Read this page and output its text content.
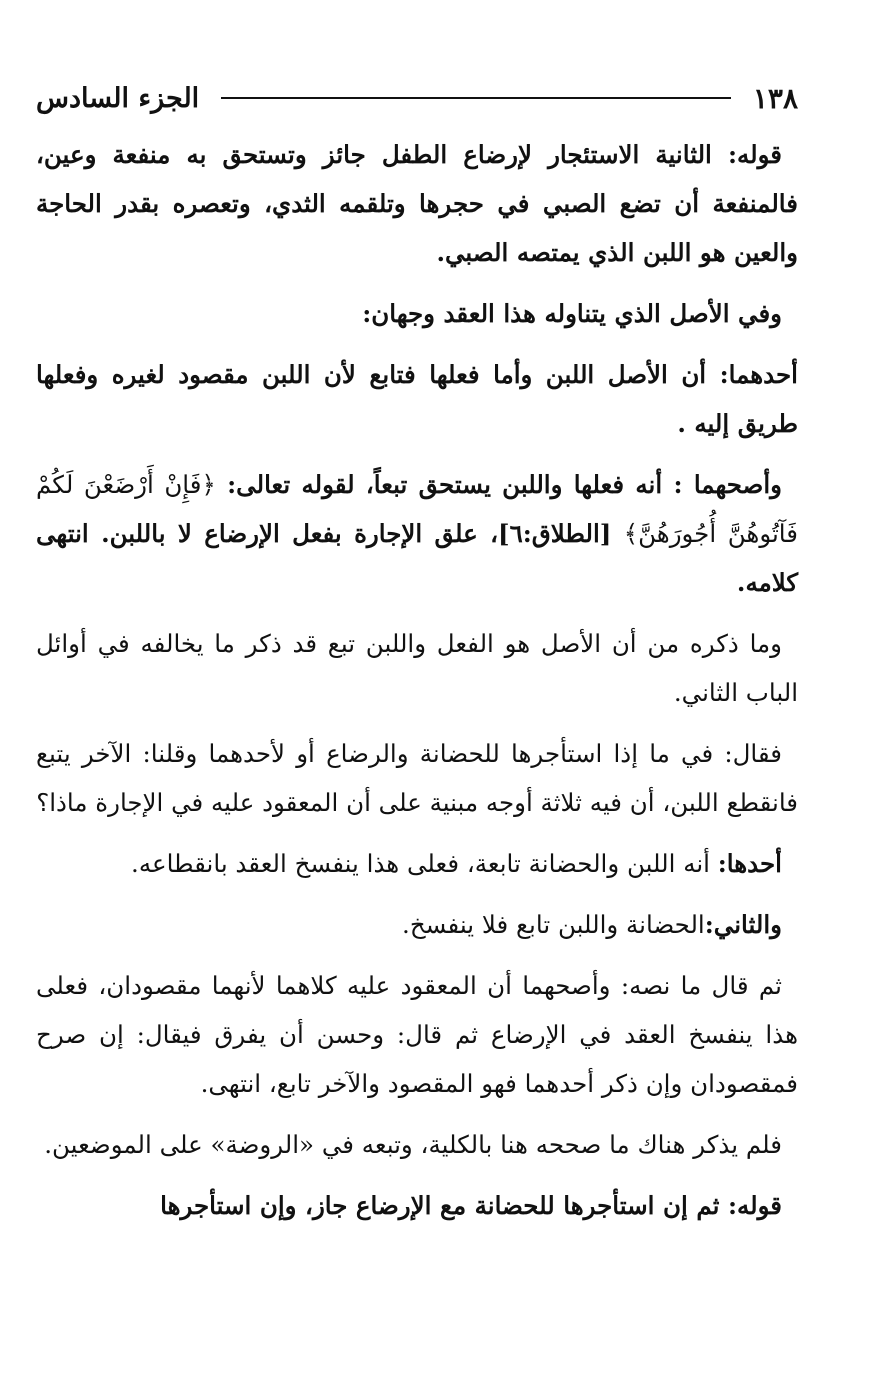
١٣٨
الجزء السادس

قوله: الثانية الاستئجار لإرضاع الطفل جائز وتستحق به منفعة وعين، فالمنفعة أن تضع الصبي في حجرها وتلقمه الثدي، وتعصره بقدر الحاجة والعين هو اللبن الذي يمتصه الصبي.

وفي الأصل الذي يتناوله هذا العقد وجهان:

أحدهما: أن الأصل اللبن وأما فعلها فتابع لأن اللبن مقصود لغيره وفعلها طريق إليه .

وأصحهما : أنه فعلها واللبن يستحق تبعاً، لقوله تعالى: ﴿فَإِنْ أَرْضَعْنَ لَكُمْ فَآتُوهُنَّ أُجُورَهُنَّ﴾ [الطلاق:٦]، علق الإجارة بفعل الإرضاع لا باللبن. انتهى كلامه.

وما ذكره من أن الأصل هو الفعل واللبن تبع قد ذكر ما يخالفه في أوائل الباب الثاني.

فقال: في ما إذا استأجرها للحضانة والرضاع أو لأحدهما وقلنا: الآخر يتبع فانقطع اللبن، أن فيه ثلاثة أوجه مبنية على أن المعقود عليه في الإجارة ماذا؟

أحدها: أنه اللبن والحضانة تابعة، فعلى هذا ينفسخ العقد بانقطاعه.

والثاني:الحضانة واللبن تابع فلا ينفسخ.

ثم قال ما نصه: وأصحهما أن المعقود عليه كلاهما لأنهما مقصودان، فعلى هذا ينفسخ العقد في الإرضاع ثم قال: وحسن أن يفرق فيقال: إن صرح فمقصودان وإن ذكر أحدهما فهو المقصود والآخر تابع، انتهى.

فلم يذكر هناك ما صححه هنا بالكلية، وتبعه في «الروضة» على الموضعين.

قوله: ثم إن استأجرها للحضانة مع الإرضاع جاز، وإن استأجرها
